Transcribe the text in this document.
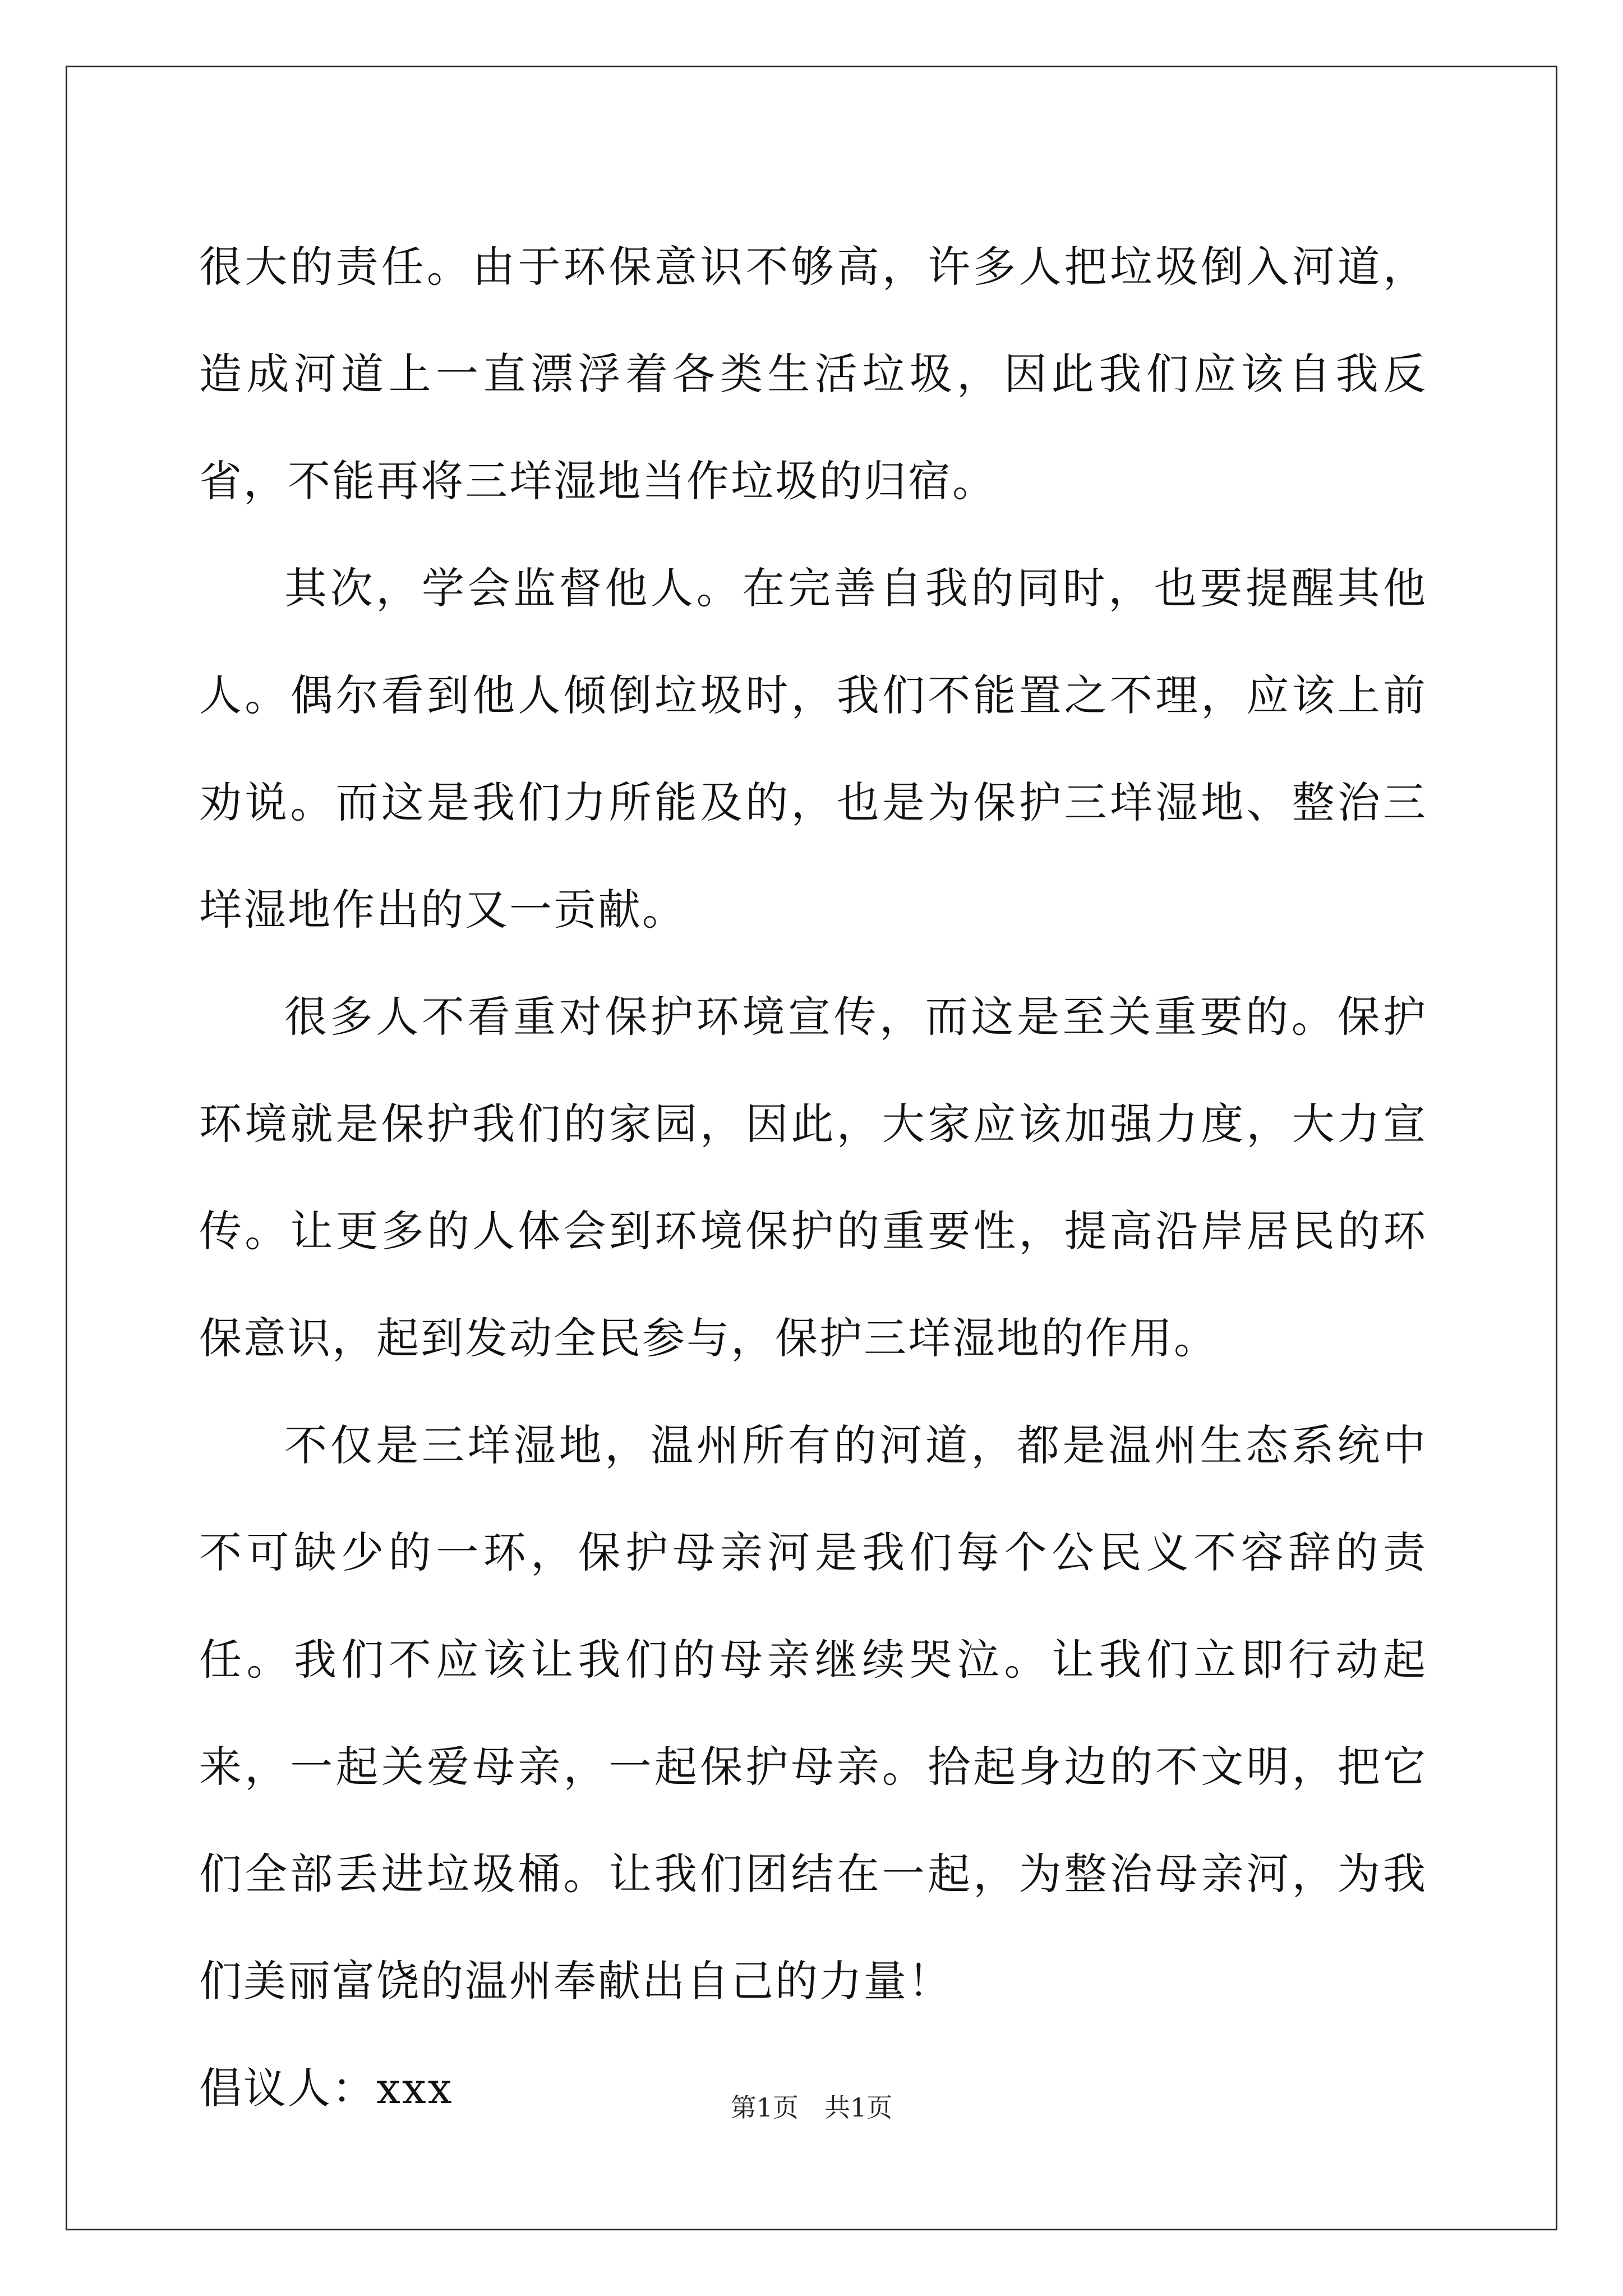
很大的责任。由于环保意识不够高，许多人把垃圾倒入河道，造成河道上一直漂浮着各类生活垃圾，因此我们应该自我反省，不能再将三垟湿地当作垃圾的归宿。

其次，学会监督他人。在完善自我的同时，也要提醒其他人。偶尔看到他人倾倒垃圾时，我们不能置之不理，应该上前劝说。而这是我们力所能及的，也是为保护三垟湿地、整治三垟湿地作出的又一贡献。

很多人不看重对保护环境宣传，而这是至关重要的。保护环境就是保护我们的家园，因此，大家应该加强力度，大力宣传。让更多的人体会到环境保护的重要性，提高沿岸居民的环保意识，起到发动全民参与，保护三垟湿地的作用。

不仅是三垟湿地，温州所有的河道，都是温州生态系统中不可缺少的一环，保护母亲河是我们每个公民义不容辞的责任。我们不应该让我们的母亲继续哭泣。让我们立即行动起来，一起关爱母亲，一起保护母亲。拾起身边的不文明，把它们全部丢进垃圾桶。让我们团结在一起，为整治母亲河，为我们美丽富饶的温州奉献出自己的力量！

倡议人：xxx	第1页 共1页
